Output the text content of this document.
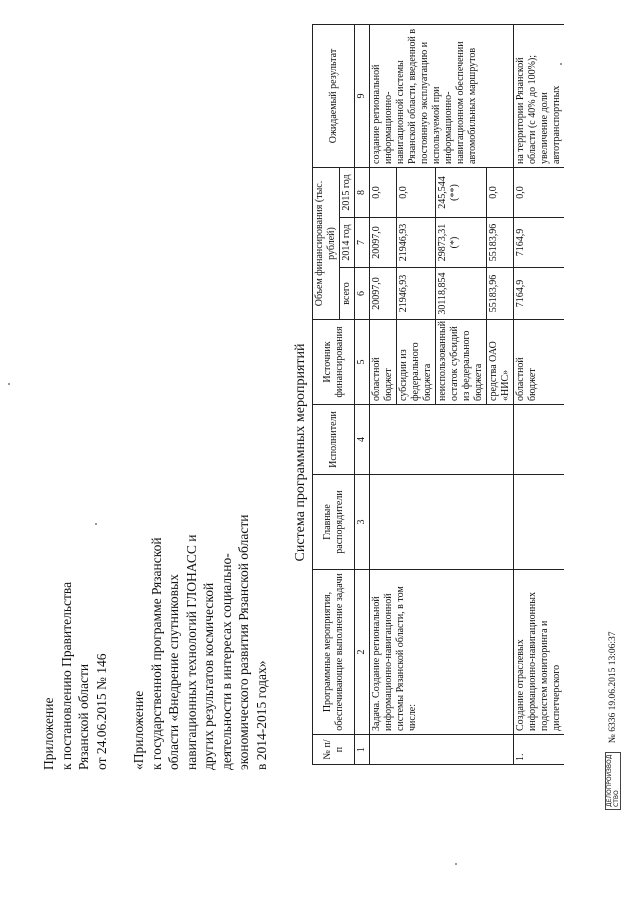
Приложение к постановлению Правительства Рязанской области от 24.06.2015 № 146 «Приложение к государственной программе Рязанской области «Внедрение спутниковых навигационных технологий ГЛОНАСС и других результатов космической деятельности в интересах социально- экономического развития Рязанской области в 2014-2015 годах»
Система программных мероприятий
№ п/п	Программные мероприятия, обеспечивающие выполнение задачи	Главные распорядители	Исполнители	Источник финансирования	Объем финансирования (тыс. рублей)			Ожидаемый результат
					всего	2014 год	2015 год	
1	2	3	4	5	6	7	8	9
	Задача. Создание региональной информационно-навигационной системы Рязанской области, в том числе:			областной бюджет	20097,0	20097,0	0,0	создание региональной информационно-навигационной системы Рязанской области, введенной в постоянную эксплуатацию и используемой при информационно-навигационном обеспечении автомобильных маршрутов
				субсидии из федерального бюджета	21946,93	21946,93	0,0	
				неиспользованный остаток субсидий из федерального бюджета	30118,854	29873,31 (*)	245,544 (**)	
				средства ОАО «НИС»	55183,96	55183,96	0,0	
1.	Создание отраслевых информационно-навигационных подсистем мониторинга и диспетчерского			областной бюджет	7164,9	7164,9	0,0	на территории Рязанской области (с 40% до 100%); увеличение доли автотранспортных
ДЕЛОПРОИЗВОД
СТВО № 6336 19.06.2015 13:06:37
